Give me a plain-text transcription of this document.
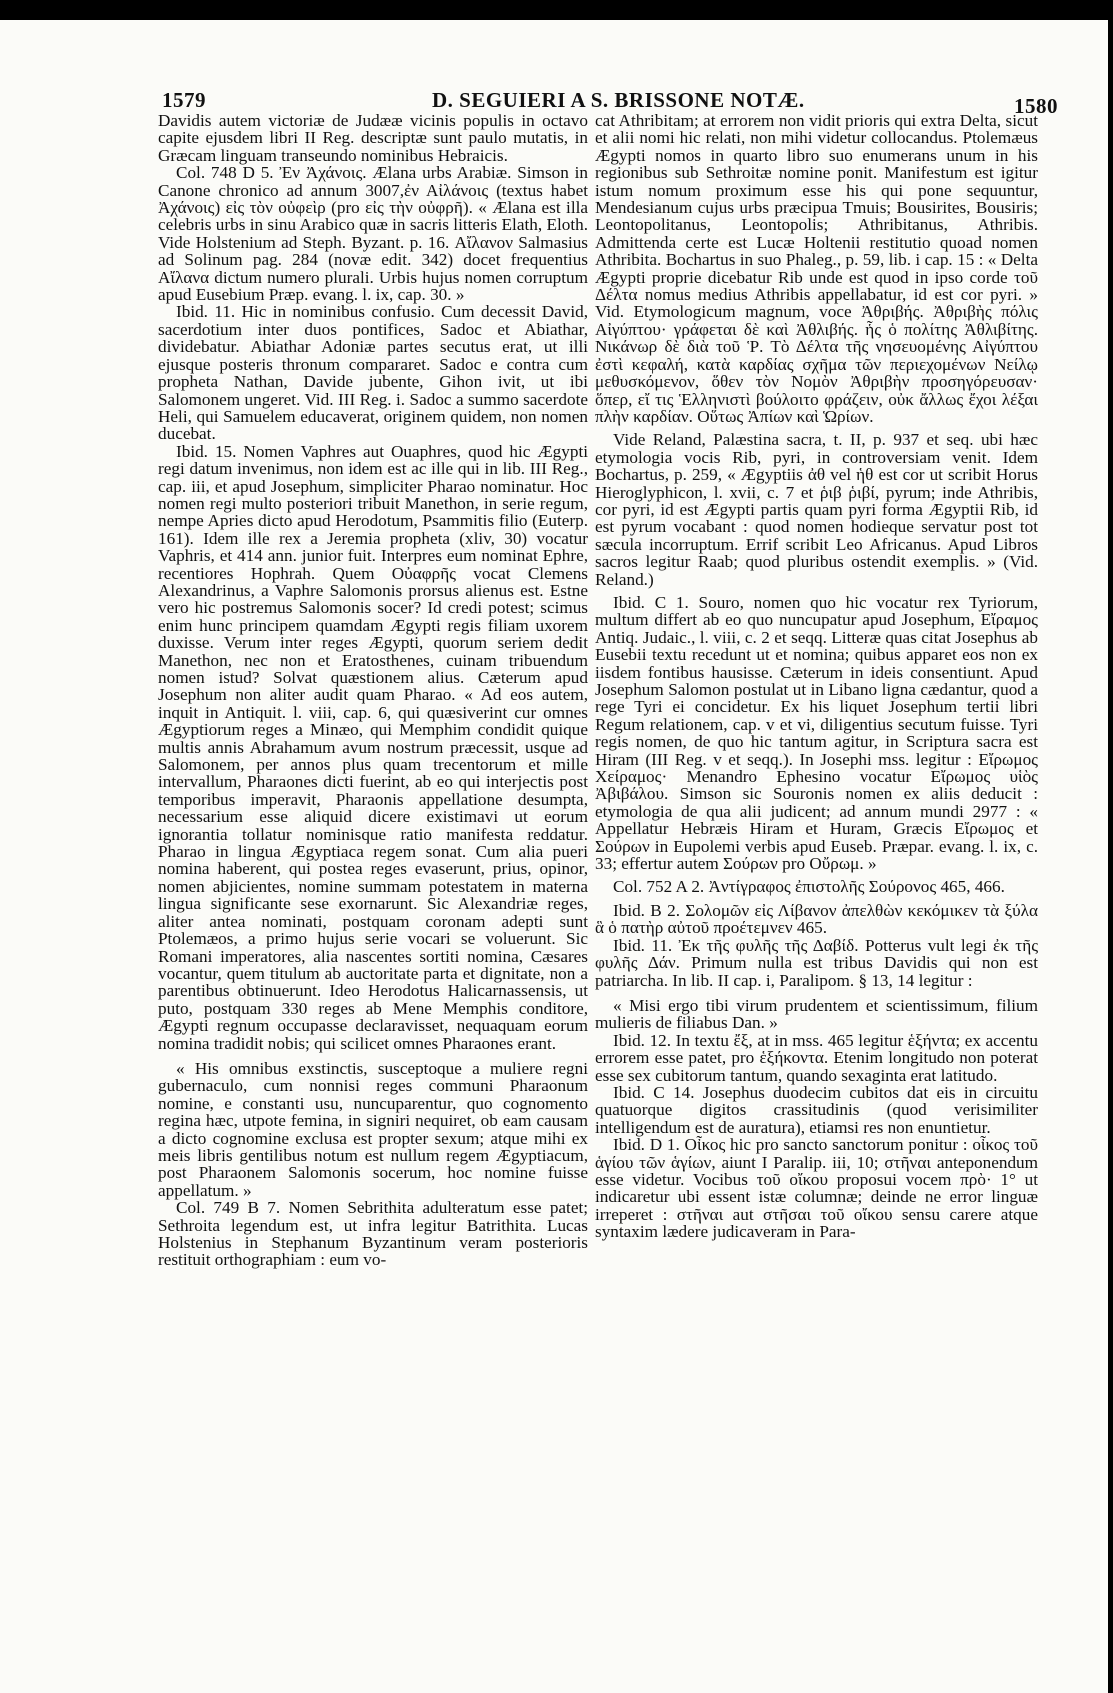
1579	D. SEGUIERI A S. BRISSONE NOTÆ.	1580

Davidis autem victoriæ de Judææ vicinis populis in octavo capite ejusdem libri II Reg. descriptæ sunt paulo mutatis, in Græcam linguam transeundo nominibus Hebraicis.

Col. 748 D 5. Ἐν Ἀχάνοις. Ælana urbs Arabiæ. Simson in Canone chronico ad annum 3007,ἐν Αἰλάνοις (textus habet Ἀχάνοις) εἰς τὸν οὐφεὶρ (pro εἰς τὴν οὐφρῆ). « Ælana est illa celebris urbs in sinu Arabico quæ in sacris litteris Elath, Eloth. Vide Holstenium ad Steph. Byzant. p. 16. Αἴλανον Salmasius ad Solinum pag. 284 (novæ edit. 342) docet frequentius Αἴλανα dictum numero plurali. Urbis hujus nomen corruptum apud Eusebium Præp. evang. l. ix, cap. 30. »

Ibid. 11. Hic in nominibus confusio. Cum decessit David, sacerdotium inter duos pontifices, Sadoc et Abiathar, dividebatur. Abiathar Adoniæ partes secutus erat, ut illi ejusque posteris thronum compararet. Sadoc e contra cum propheta Nathan, Davide jubente, Gihon ivit, ut ibi Salomonem ungeret. Vid. III Reg. i. Sadoc a summo sacerdote Heli, qui Samuelem educaverat, originem quidem, non nomen ducebat.

Ibid. 15. Nomen Vaphres aut Ouaphres, quod hic Ægypti regi datum invenimus, non idem est ac ille qui in lib. III Reg., cap. iii, et apud Josephum, simpliciter Pharao nominatur. Hoc nomen regi multo posteriori tribuit Manethon, in serie regum, nempe Apries dicto apud Herodotum, Psammitis filio (Euterp. 161). Idem ille rex a Jeremia propheta (xliv, 30) vocatur Vaphris, et 414 ann. junior fuit. Interpres eum nominat Ephre, recentiores Hophrah. Quem Οὐαφρῆς vocat Clemens Alexandrinus, a Vaphre Salomonis prorsus alienus est. Estne vero hic postremus Salomonis socer? Id credi potest; scimus enim hunc principem quamdam Ægypti regis filiam uxorem duxisse. Verum inter reges Ægypti, quorum seriem dedit Manethon, nec non et Eratosthenes, cuinam tribuendum nomen istud? Solvat quæstionem alius. Cæterum apud Josephum non aliter audit quam Pharao. « Ad eos autem, inquit in Antiquit. l. viii, cap. 6, qui quæsiverint cur omnes Ægyptiorum reges a Minæo, qui Memphim condidit quique multis annis Abrahamum avum nostrum præcessit, usque ad Salomonem, per annos plus quam trecentorum et mille intervallum, Pharaones dicti fuerint, ab eo qui interjectis post temporibus imperavit, Pharaonis appellatione desumpta, necessarium esse aliquid dicere existimavi ut eorum ignorantia tollatur nominisque ratio manifesta reddatur. Pharao in lingua Ægyptiaca regem sonat. Cum alia pueri nomina haberent, qui postea reges evaserunt, prius, opinor, nomen abjicientes, nomine summam potestatem in materna lingua significante sese exornarunt. Sic Alexandriæ reges, aliter antea nominati, postquam coronam adepti sunt Ptolemæos, a primo hujus serie vocari se voluerunt. Sic Romani imperatores, alia nascentes sortiti nomina, Cæsares vocantur, quem titulum ab auctoritate parta et dignitate, non a parentibus obtinuerunt. Ideo Herodotus Halicarnassensis, ut puto, postquam 330 reges ab Mene Memphis conditore, Ægypti regnum occupasse declaravisset, nequaquam eorum nomina tradidit nobis; qui scilicet omnes Pharaones erant.

« His omnibus exstinctis, susceptoque a muliere regni gubernaculo, cum nonnisi reges communi Pharaonum nomine, e constanti usu, nuncuparentur, quo cognomento regina hæc, utpote femina, in signiri nequiret, ob eam causam a dicto cognomine exclusa est propter sexum; atque mihi ex meis libris gentilibus notum est nullum regem Ægyptiacum, post Pharaonem Salomonis socerum, hoc nomine fuisse appellatum. »

Col. 749 B 7. Nomen Sebrithita adulteratum esse patet; Sethroita legendum est, ut infra legitur Batrithita. Lucas Holstenius in Stephanum Byzantinum veram posterioris restituit orthographiam : eum vo-

cat Athribitam; at errorem non vidit prioris qui extra Delta, sicut et alii nomi hic relati, non mihi videtur collocandus. Ptolemæus Ægypti nomos in quarto libro suo enumerans unum in his regionibus sub Sethroitæ nomine ponit. Manifestum est igitur istum nomum proximum esse his qui pone sequuntur, Mendesianum cujus urbs præcipua Tmuis; Bousirites, Bousiris; Leontopolitanus, Leontopolis; Athribitanus, Athribis. Admittenda certe est Lucæ Holtenii restitutio quoad nomen Athribita. Bochartus in suo Phaleg., p. 59, lib. i cap. 15 : « Delta Ægypti proprie dicebatur Rib unde est quod in ipso corde τοῦ Δέλτα nomus medius Athribis appellabatur, id est cor pyri. » Vid. Etymologicum magnum, voce Ἀθριβής. Ἀθριβὴς πόλις Αἰγύπτου· γράφεται δὲ καὶ Ἀθλιβής. ἧς ὁ πολίτης Ἀθλιβίτης. Νικάνωρ δὲ διὰ τοῦ Ῥ. Τὸ Δέλτα τῆς νησευομένης Αἰγύπτου ἐστὶ κεφαλή, κατὰ καρδίας σχῆμα τῶν περιεχομένων Νείλῳ μεθυσκόμενον, ὅθεν τὸν Νομὸν Ἀθριβὴν προσηγόρευσαν· ὅπερ, εἴ τις Ἑλληνιστὶ βούλοιτο φράζειν, οὐκ ἄλλως ἔχοι λέξαι πλὴν καρδίαν. Οὕτως Ἀπίων καὶ Ὡρίων.

Vide Reland, Palæstina sacra, t. II, p. 937 et seq. ubi hæc etymologia vocis Rib, pyri, in controversiam venit. Idem Bochartus, p. 259, « Ægyptiis ἀθ vel ἡθ est cor ut scribit Horus Hieroglyphicon, l. xvii, c. 7 et ῥιβ ῥιβί, pyrum; inde Athribis, cor pyri, id est Ægypti partis quam pyri forma Ægyptii Rib, id est pyrum vocabant : quod nomen hodieque servatur post tot sæcula incorruptum. Errif scribit Leo Africanus. Apud Libros sacros legitur Raab; quod pluribus ostendit exemplis. » (Vid. Reland.)

Ibid. C 1. Souro, nomen quo hic vocatur rex Tyriorum, multum differt ab eo quo nuncupatur apud Josephum, Εἴραμος Antiq. Judaic., l. viii, c. 2 et seqq. Litteræ quas citat Josephus ab Eusebii textu recedunt ut et nomina; quibus apparet eos non ex iisdem fontibus hausisse. Cæterum in ideis consentiunt. Apud Josephum Salomon postulat ut in Libano ligna cædantur, quod a rege Tyri ei concidetur. Ex his liquet Josephum tertii libri Regum relationem, cap. v et vi, diligentius secutum fuisse. Tyri regis nomen, de quo hic tantum agitur, in Scriptura sacra est Hiram (III Reg. v et seqq.). In Josephi mss. legitur : Εἴρωμος Χείραμος· Menandro Ephesino vocatur Εἴρωμος υἱὸς Ἀβιβάλου. Simson sic Souronis nomen ex aliis deducit : etymologia de qua alii judicent; ad annum mundi 2977 : « Appellatur Hebræis Hiram et Huram, Græcis Εἴρωμος et Σούρων in Eupolemi verbis apud Euseb. Præpar. evang. l. ix, c. 33; effertur autem Σούρων pro Οὔρωμ. »

Col. 752 A 2. Ἀντίγραφος ἐπιστολῆς Σούρονος 465, 466.

Ibid. B 2. Σολομῶν εἰς Λίβανον ἀπελθὼν κεκόμικεν τὰ ξύλα ἃ ὁ πατὴρ αὐτοῦ προέτεμνεν 465.

Ibid. 11. Ἐκ τῆς φυλῆς τῆς Δαβίδ. Potterus vult legi ἐκ τῆς φυλῆς Δάν. Primum nulla est tribus Davidis qui non est patriarcha. In lib. II cap. i, Paralipom. § 13, 14 legitur :

« Misi ergo tibi virum prudentem et scientissimum, filium mulieris de filiabus Dan. »

Ibid. 12. In textu ἔξ, at in mss. 465 legitur ἑξήντα; ex accentu errorem esse patet, pro ἑξήκοντα. Etenim longitudo non poterat esse sex cubitorum tantum, quando sexaginta erat latitudo.

Ibid. C 14. Josephus duodecim cubitos dat eis in circuitu quatuorque digitos crassitudinis (quod verisimiliter intelligendum est de auratura), etiamsi res non enuntietur.

Ibid. D 1. Οἶκος hic pro sancto sanctorum ponitur : οἶκος τοῦ ἁγίου τῶν ἁγίων, aiunt I Paralip. iii, 10; στῆναι anteponendum esse videtur. Vocibus τοῦ οἴκου proposui vocem πρὸ· 1° ut indicaretur ubi essent istæ columnæ; deinde ne error linguæ irreperet : στῆναι aut στῆσαι τοῦ οἴκου sensu carere atque syntaxim lædere judicaveram in Para-
